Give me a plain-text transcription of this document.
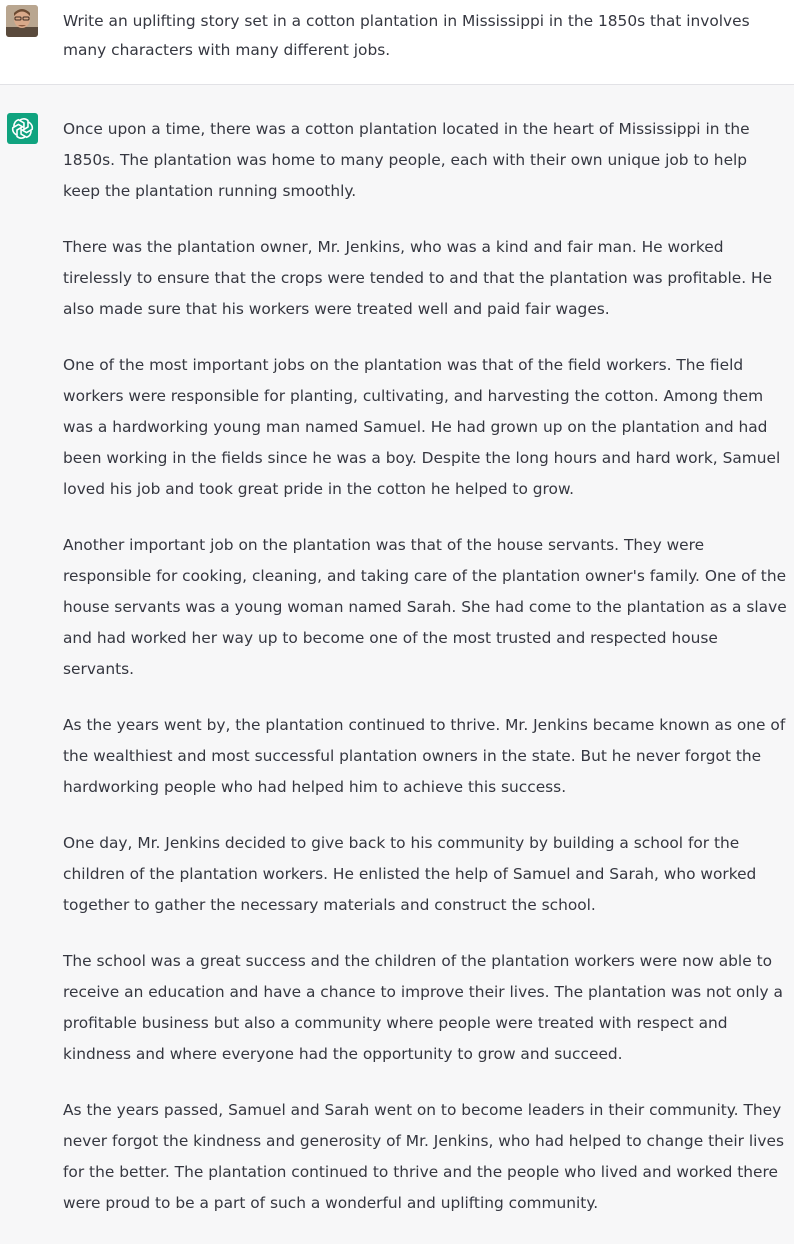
Write an uplifting story set in a cotton plantation in Mississippi in the 1850s that involves many characters with many different jobs.

Once upon a time, there was a cotton plantation located in the heart of Mississippi in the 1850s. The plantation was home to many people, each with their own unique job to help keep the plantation running smoothly.

There was the plantation owner, Mr. Jenkins, who was a kind and fair man. He worked tirelessly to ensure that the crops were tended to and that the plantation was profitable. He also made sure that his workers were treated well and paid fair wages.

One of the most important jobs on the plantation was that of the field workers. The field workers were responsible for planting, cultivating, and harvesting the cotton. Among them was a hardworking young man named Samuel. He had grown up on the plantation and had been working in the fields since he was a boy. Despite the long hours and hard work, Samuel loved his job and took great pride in the cotton he helped to grow.

Another important job on the plantation was that of the house servants. They were responsible for cooking, cleaning, and taking care of the plantation owner's family. One of the house servants was a young woman named Sarah. She had come to the plantation as a slave and had worked her way up to become one of the most trusted and respected house servants.

As the years went by, the plantation continued to thrive. Mr. Jenkins became known as one of the wealthiest and most successful plantation owners in the state. But he never forgot the hardworking people who had helped him to achieve this success.

One day, Mr. Jenkins decided to give back to his community by building a school for the children of the plantation workers. He enlisted the help of Samuel and Sarah, who worked together to gather the necessary materials and construct the school.

The school was a great success and the children of the plantation workers were now able to receive an education and have a chance to improve their lives. The plantation was not only a profitable business but also a community where people were treated with respect and kindness and where everyone had the opportunity to grow and succeed.

As the years passed, Samuel and Sarah went on to become leaders in their community. They never forgot the kindness and generosity of Mr. Jenkins, who had helped to change their lives for the better. The plantation continued to thrive and the people who lived and worked there were proud to be a part of such a wonderful and uplifting community.
